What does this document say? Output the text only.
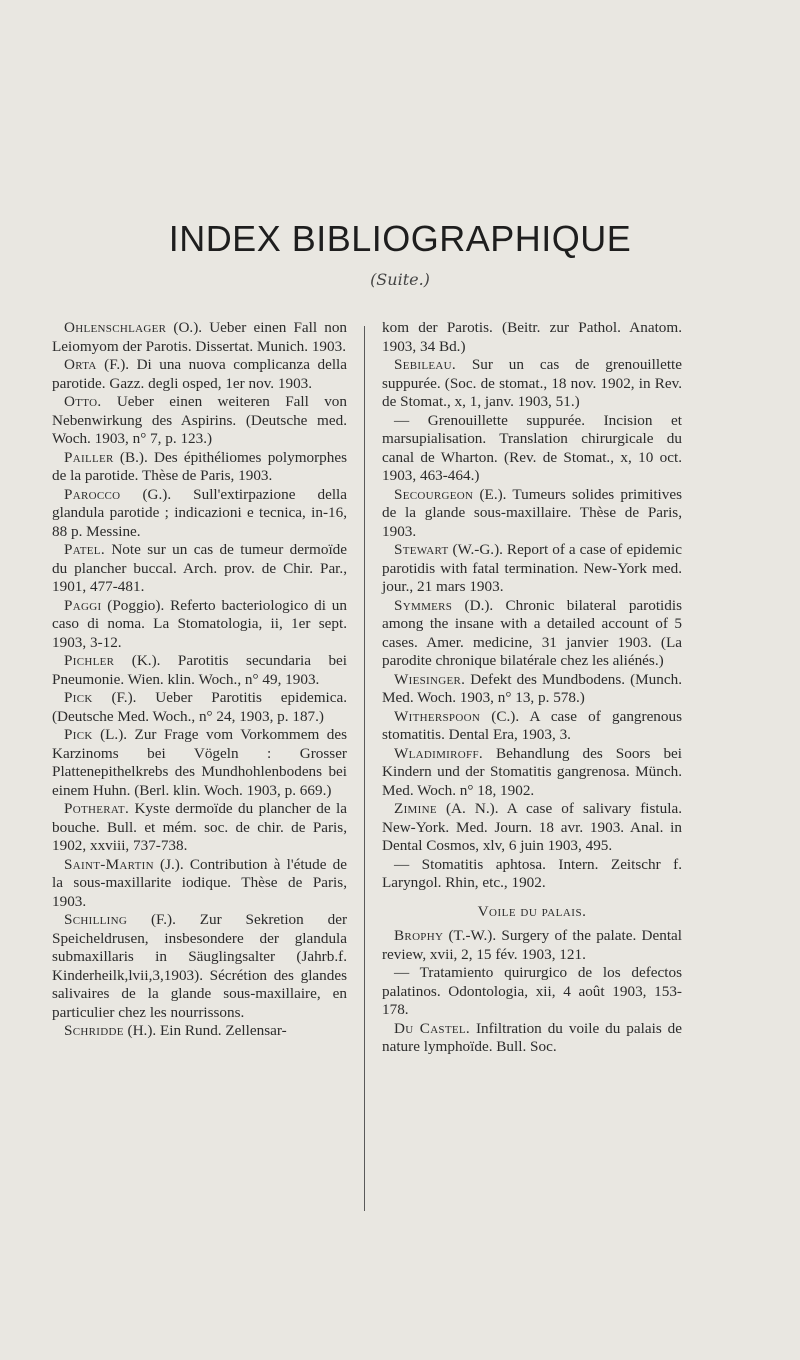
INDEX BIBLIOGRAPHIQUE
(Suite.)
Ohlenschlager (O.). Ueber einen Fall non Leiomyom der Parotis. Dissertat. Munich. 1903.
Orta (F.). Di una nuova complicanza della parotide. Gazz. degli osped, 1er nov. 1903.
Otto. Ueber einen weiteren Fall von Nebenwirkung des Aspirins. (Deutsche med. Woch. 1903, n° 7, p. 123.)
Pailler (B.). Des épithéliomes polymorphes de la parotide. Thèse de Paris, 1903.
Parocco (G.). Sull'extirpazione della glandula parotide ; indicazioni e tecnica, in-16, 88 p. Messine.
Patel. Note sur un cas de tumeur dermoïde du plancher buccal. Arch. prov. de Chir. Par., 1901, 477-481.
Paggi (Poggio). Referto bacteriologico di un caso di noma. La Stomatologia, ii, 1er sept. 1903, 3-12.
Pichler (K.). Parotitis secundaria bei Pneumonie. Wien. klin. Woch., n° 49, 1903.
Pick (F.). Ueber Parotitis epidemica. (Deutsche Med. Woch., n° 24, 1903, p. 187.)
Pick (L.). Zur Frage vom Vorkommem des Karzinoms bei Vögeln : Grosser Plattenepithelkrebs des Mundhohlenbodens bei einem Huhn. (Berl. klin. Woch. 1903, p. 669.)
Potherat. Kyste dermoïde du plancher de la bouche. Bull. et mém. soc. de chir. de Paris, 1902, xxviii, 737-738.
Saint-Martin (J.). Contribution à l'étude de la sous-maxillarite iodique. Thèse de Paris, 1903.
Schilling (F.). Zur Sekretion der Speicheldrusen, insbesondere der glandula submaxillaris in Säuglingsalter (Jahrb.f. Kinderheilk,lvii,3,1903). Sécrétion des glandes salivaires de la glande sous-maxillaire, en particulier chez les nourrissons.
Schridde (H.). Ein Rund. Zellensar-
kom der Parotis. (Beitr. zur Pathol. Anatom. 1903, 34 Bd.)
Sebileau. Sur un cas de grenouillette suppurée. (Soc. de stomat., 18 nov. 1902, in Rev. de Stomat., x, 1, janv. 1903, 51.)
— Grenouillette suppurée. Incision et marsupialisation. Translation chirurgicale du canal de Wharton. (Rev. de Stomat., x, 10 oct. 1903, 463-464.)
Secourgeon (E.). Tumeurs solides primitives de la glande sous-maxillaire. Thèse de Paris, 1903.
Stewart (W.-G.). Report of a case of epidemic parotidis with fatal termination. New-York med. jour., 21 mars 1903.
Symmers (D.). Chronic bilateral parotidis among the insane with a detailed account of 5 cases. Amer. medicine, 31 janvier 1903. (La parodite chronique bilatérale chez les aliénés.)
Wiesinger. Defekt des Mundbodens. (Munch. Med. Woch. 1903, n° 13, p. 578.)
Witherspoon (C.). A case of gangrenous stomatitis. Dental Era, 1903, 3.
Wladimiroff. Behandlung des Soors bei Kindern und der Stomatitis gangrenosa. Münch. Med. Woch. n° 18, 1902.
Zimine (A. N.). A case of salivary fistula. New-York. Med. Journ. 18 avr. 1903. Anal. in Dental Cosmos, xlv, 6 juin 1903, 495.
— Stomatitis aphtosa. Intern. Zeitschr f. Laryngol. Rhin, etc., 1902.
Voile du palais.
Brophy (T.-W.). Surgery of the palate. Dental review, xvii, 2, 15 fév. 1903, 121.
— Tratamiento quirurgico de los defectos palatinos. Odontologia, xii, 4 août 1903, 153-178.
Du Castel. Infiltration du voile du palais de nature lymphoïde. Bull. Soc.
